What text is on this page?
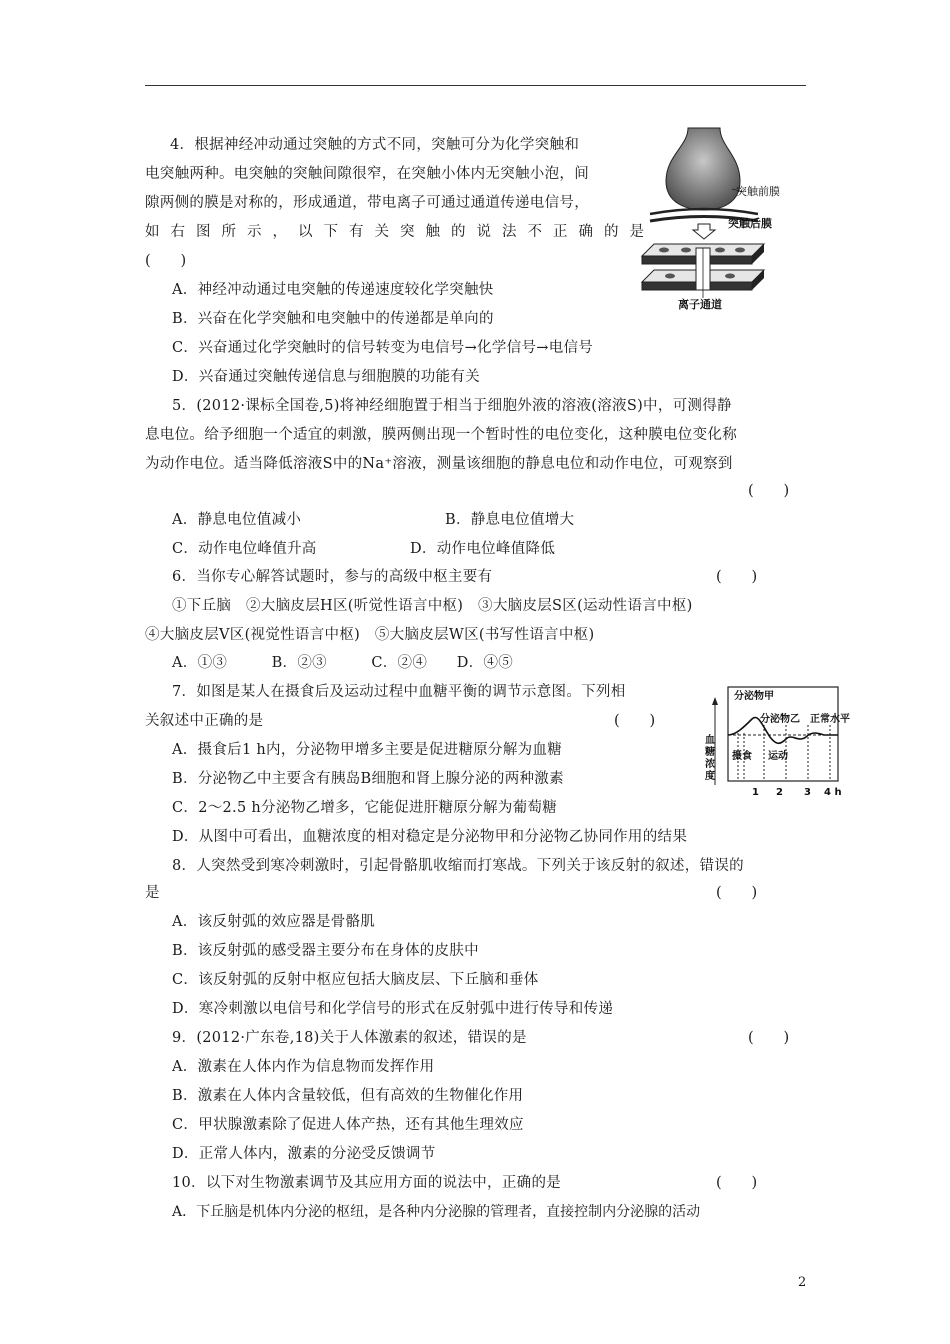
4．根据神经冲动通过突触的方式不同，突触可分为化学突触和
电突触两种。电突触的突触间隙很窄，在突触小体内无突触小泡，间
隙两侧的膜是对称的，形成通道，带电离子可通过通道传递电信号，
如右图所示，以下有关突触的说法不正确的是
(　　)
A．神经冲动通过电突触的传递速度较化学突触快
B．兴奋在化学突触和电突触中的传递都是单向的
C．兴奋通过化学突触时的信号转变为电信号→化学信号→电信号
D．兴奋通过突触传递信息与细胞膜的功能有关
突触前膜
突触后膜
离子通道
5．(2012·课标全国卷,5)将神经细胞置于相当于细胞外液的溶液(溶液S)中，可测得静
息电位。给予细胞一个适宜的刺激，膜两侧出现一个暂时性的电位变化，这种膜电位变化称
为动作电位。适当降低溶液S中的Na⁺溶液，测量该细胞的静息电位和动作电位，可观察到
(　　)
A．静息电位值减小	B．静息电位值增大
C．动作电位峰值升高	D．动作电位峰值降低
6．当你专心解答试题时，参与的高级中枢主要有	(　　)
①下丘脑　②大脑皮层H区(听觉性语言中枢)　③大脑皮层S区(运动性语言中枢)
④大脑皮层V区(视觉性语言中枢)　⑤大脑皮层W区(书写性语言中枢)
A．①③　　　B．②③　　　C．②④　　D．④⑤
7．如图是某人在摄食后及运动过程中血糖平衡的调节示意图。下列相
关叙述中正确的是	(　　)
A．摄食后1 h内，分泌物甲增多主要是促进糖原分解为血糖
B．分泌物乙中主要含有胰岛B细胞和肾上腺分泌的两种激素
C．2～2.5 h分泌物乙增多，它能促进肝糖原分解为葡萄糖
D．从图中可看出，血糖浓度的相对稳定是分泌物甲和分泌物乙协同作用的结果
血糖浓度
分泌物甲
分泌物乙 正常水平
摄食 运动
1 2 3 4 h
8．人突然受到寒冷刺激时，引起骨骼肌收缩而打寒战。下列关于该反射的叙述，错误的
是	(　　)
A．该反射弧的效应器是骨骼肌
B．该反射弧的感受器主要分布在身体的皮肤中
C．该反射弧的反射中枢应包括大脑皮层、下丘脑和垂体
D．寒冷刺激以电信号和化学信号的形式在反射弧中进行传导和传递
9．(2012·广东卷,18)关于人体激素的叙述，错误的是	(　　)
A．激素在人体内作为信息物而发挥作用
B．激素在人体内含量较低，但有高效的生物催化作用
C．甲状腺激素除了促进人体产热，还有其他生理效应
D．正常人体内，激素的分泌受反馈调节
10．以下对生物激素调节及其应用方面的说法中，正确的是	(　　)
A．下丘脑是机体内分泌的枢纽，是各种内分泌腺的管理者，直接控制内分泌腺的活动
2
